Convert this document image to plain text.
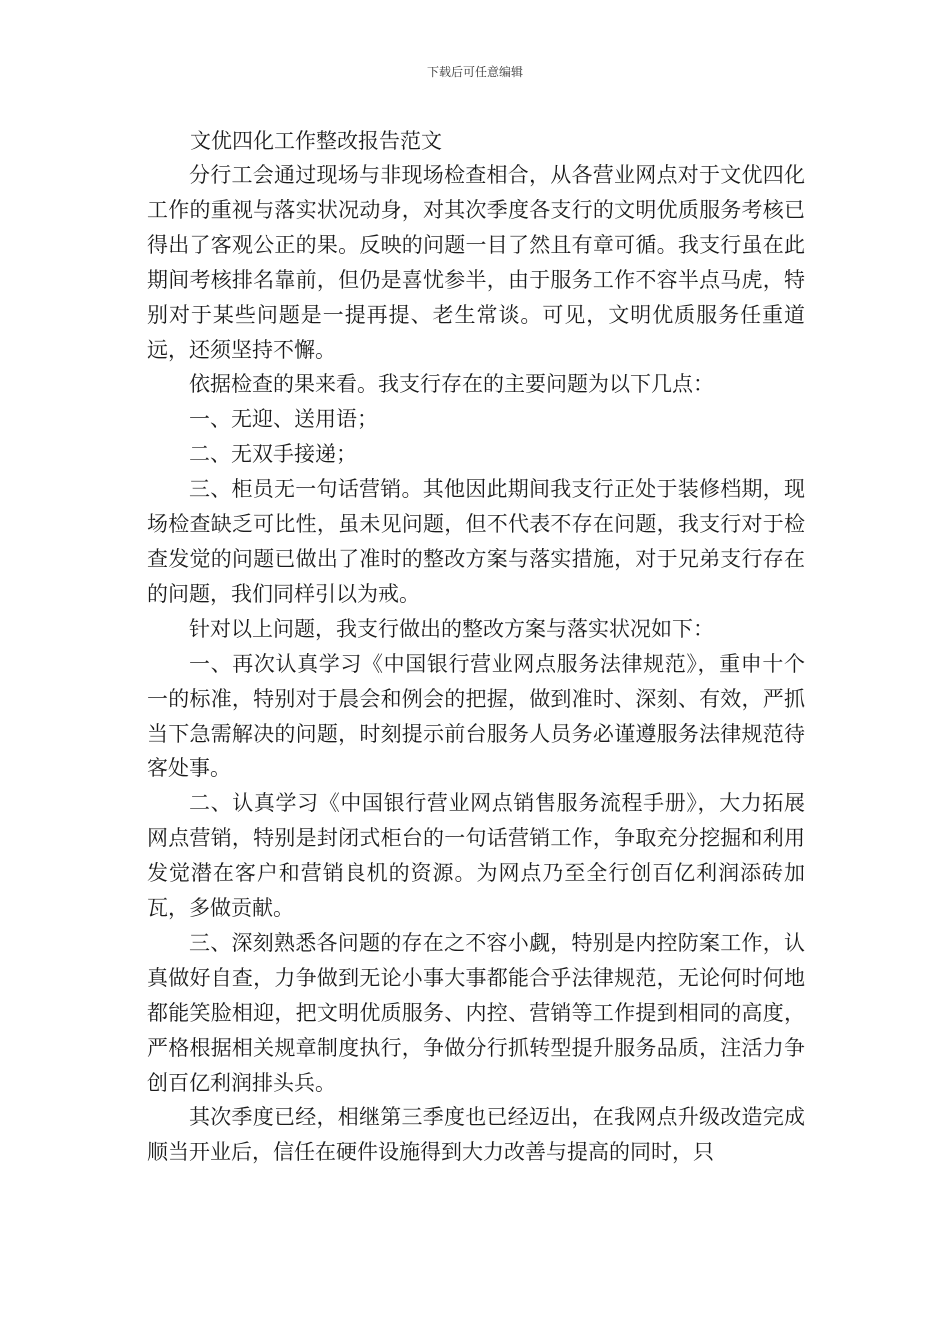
下载后可任意编辑

文优四化工作整改报告范文

分行工会通过现场与非现场检查相合，从各营业网点对于文优四化工作的重视与落实状况动身，对其次季度各支行的文明优质服务考核已得出了客观公正的果。反映的问题一目了然且有章可循。我支行虽在此期间考核排名靠前，但仍是喜忧参半，由于服务工作不容半点马虎，特别对于某些问题是一提再提、老生常谈。可见，文明优质服务任重道远，还须坚持不懈。

依据检查的果来看。我支行存在的主要问题为以下几点：

一、无迎、送用语；

二、无双手接递；

三、柜员无一句话营销。其他因此期间我支行正处于装修档期，现场检查缺乏可比性，虽未见问题，但不代表不存在问题，我支行对于检查发觉的问题已做出了准时的整改方案与落实措施，对于兄弟支行存在的问题，我们同样引以为戒。

针对以上问题，我支行做出的整改方案与落实状况如下：

一、再次认真学习《中国银行营业网点服务法律规范》，重申十个一的标准，特别对于晨会和例会的把握，做到准时、深刻、有效，严抓当下急需解决的问题，时刻提示前台服务人员务必谨遵服务法律规范待客处事。

二、认真学习《中国银行营业网点销售服务流程手册》，大力拓展网点营销，特别是封闭式柜台的一句话营销工作，争取充分挖掘和利用发觉潜在客户和营销良机的资源。为网点乃至全行创百亿利润添砖加瓦，多做贡献。

三、深刻熟悉各问题的存在之不容小觑，特别是内控防案工作，认真做好自查，力争做到无论小事大事都能合乎法律规范，无论何时何地都能笑脸相迎，把文明优质服务、内控、营销等工作提到相同的高度，严格根据相关规章制度执行，争做分行抓转型提升服务品质，注活力争创百亿利润排头兵。

其次季度已经，相继第三季度也已经迈出，在我网点升级改造完成顺当开业后，信任在硬件设施得到大力改善与提高的同时，只
